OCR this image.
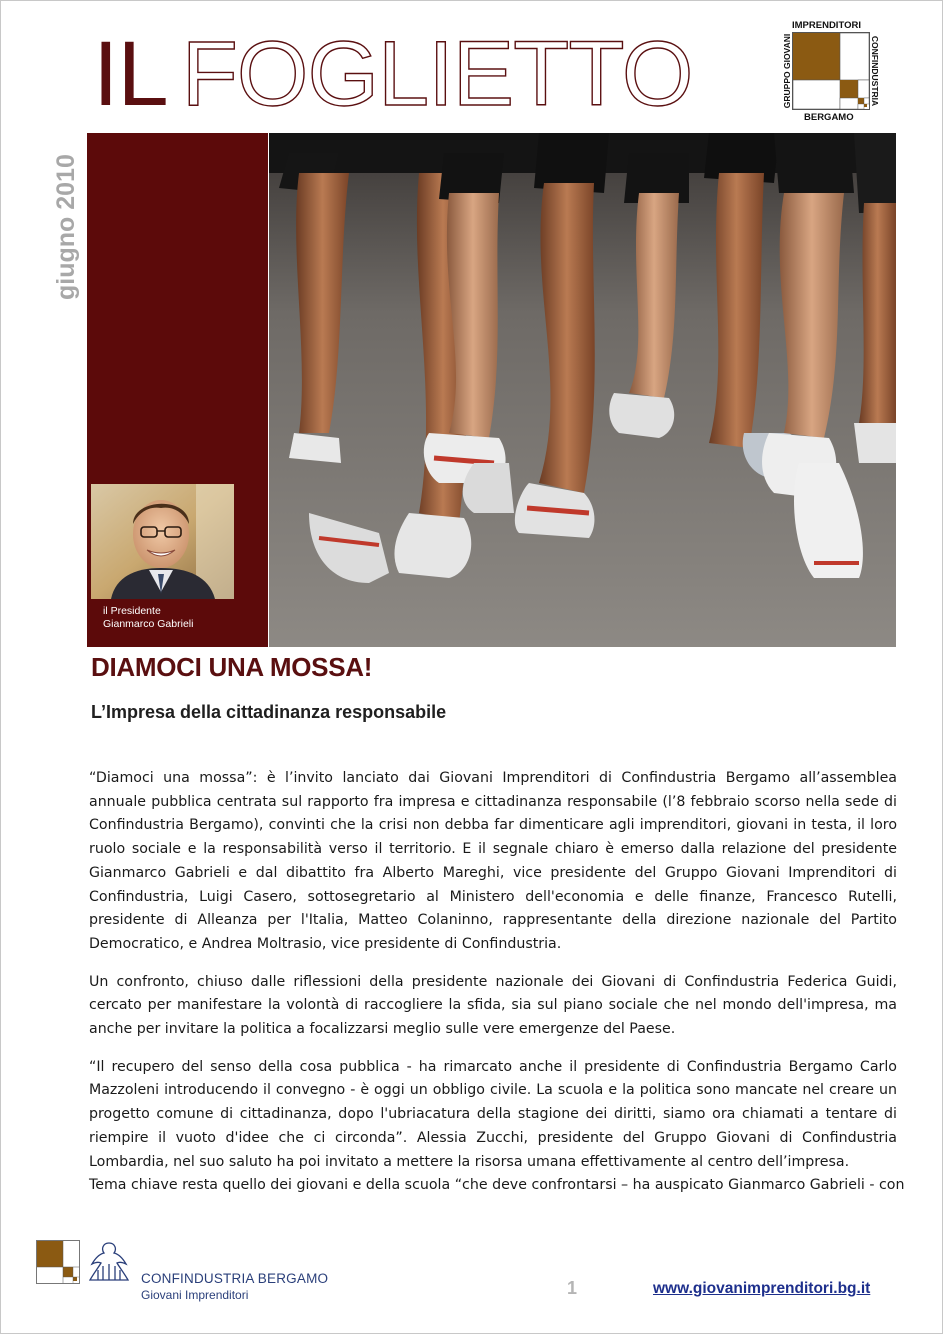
IL FOGLIETTO	IMPRENDITORI
GRUPPO GIOVANI	CONFINDUSTRIA
BERGAMO
giugno 2010
il Presidente
Gianmarco Gabrieli
DIAMOCI UNA MOSSA!
L’Impresa della cittadinanza responsabile

“Diamoci una mossa”: è l’invito lanciato dai Giovani Imprenditori di Confindustria Bergamo all’assemblea annuale pubblica centrata sul rapporto fra impresa e cittadinanza responsabile (l’8 febbraio scorso nella sede di Confindustria Bergamo), convinti che la crisi non debba far dimenticare agli imprenditori, giovani in testa, il loro ruolo sociale e la responsabilità verso il territorio. E il segnale chiaro è emerso dalla relazione del presidente Gianmarco Gabrieli e dal dibattito fra Alberto Mareghi, vice presidente del Gruppo Giovani Imprenditori di Confindustria, Luigi Casero, sottosegretario al Ministero dell'economia e delle finanze, Francesco Rutelli, presidente di Alleanza per l'Italia, Matteo Colaninno, rappresentante della direzione nazionale del Partito Democratico, e Andrea Moltrasio, vice presidente di Confindustria.

Un confronto, chiuso dalle riflessioni della presidente nazionale dei Giovani di Confindustria Federica Guidi, cercato per manifestare la volontà di raccogliere la sfida, sia sul piano sociale che nel mondo dell'impresa, ma anche per invitare la politica a focalizzarsi meglio sulle vere emergenze del Paese.

“Il recupero del senso della cosa pubblica - ha rimarcato anche il presidente di Confindustria Bergamo Carlo Mazzoleni introducendo il convegno - è oggi un obbligo civile. La scuola e la politica sono mancate nel creare un progetto comune di cittadinanza, dopo l'ubriacatura della stagione dei diritti, siamo ora chiamati a tentare di riempire il vuoto d'idee che ci circonda”. Alessia Zucchi, presidente del Gruppo Giovani di Confindustria Lombardia, nel suo saluto ha poi invitato a mettere la risorsa umana effettivamente al centro dell’impresa.

Tema chiave resta quello dei giovani e della scuola “che deve confrontarsi – ha auspicato Gianmarco Gabrieli - con

CONFINDUSTRIA BERGAMO
Giovani Imprenditori	1	www.giovanimprenditori.bg.it
